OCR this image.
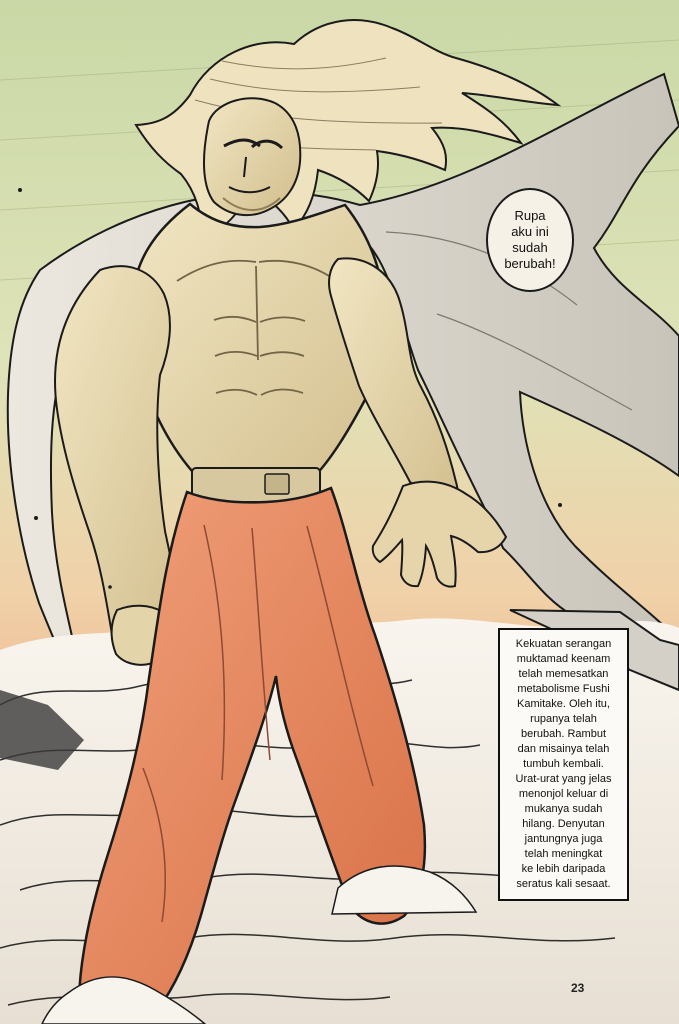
Rupa
aku ini
sudah
berubah!
Kekuatan serangan
muktamad keenam
telah memesatkan
metabolisme Fushi
Kamitake. Oleh itu,
rupanya telah
berubah. Rambut
dan misainya telah
tumbuh kembali.
Urat-urat yang jelas
menonjol keluar di
mukanya sudah
hilang. Denyutan
jantungnya juga
telah meningkat
ke lebih daripada
seratus kali sesaat.
23
